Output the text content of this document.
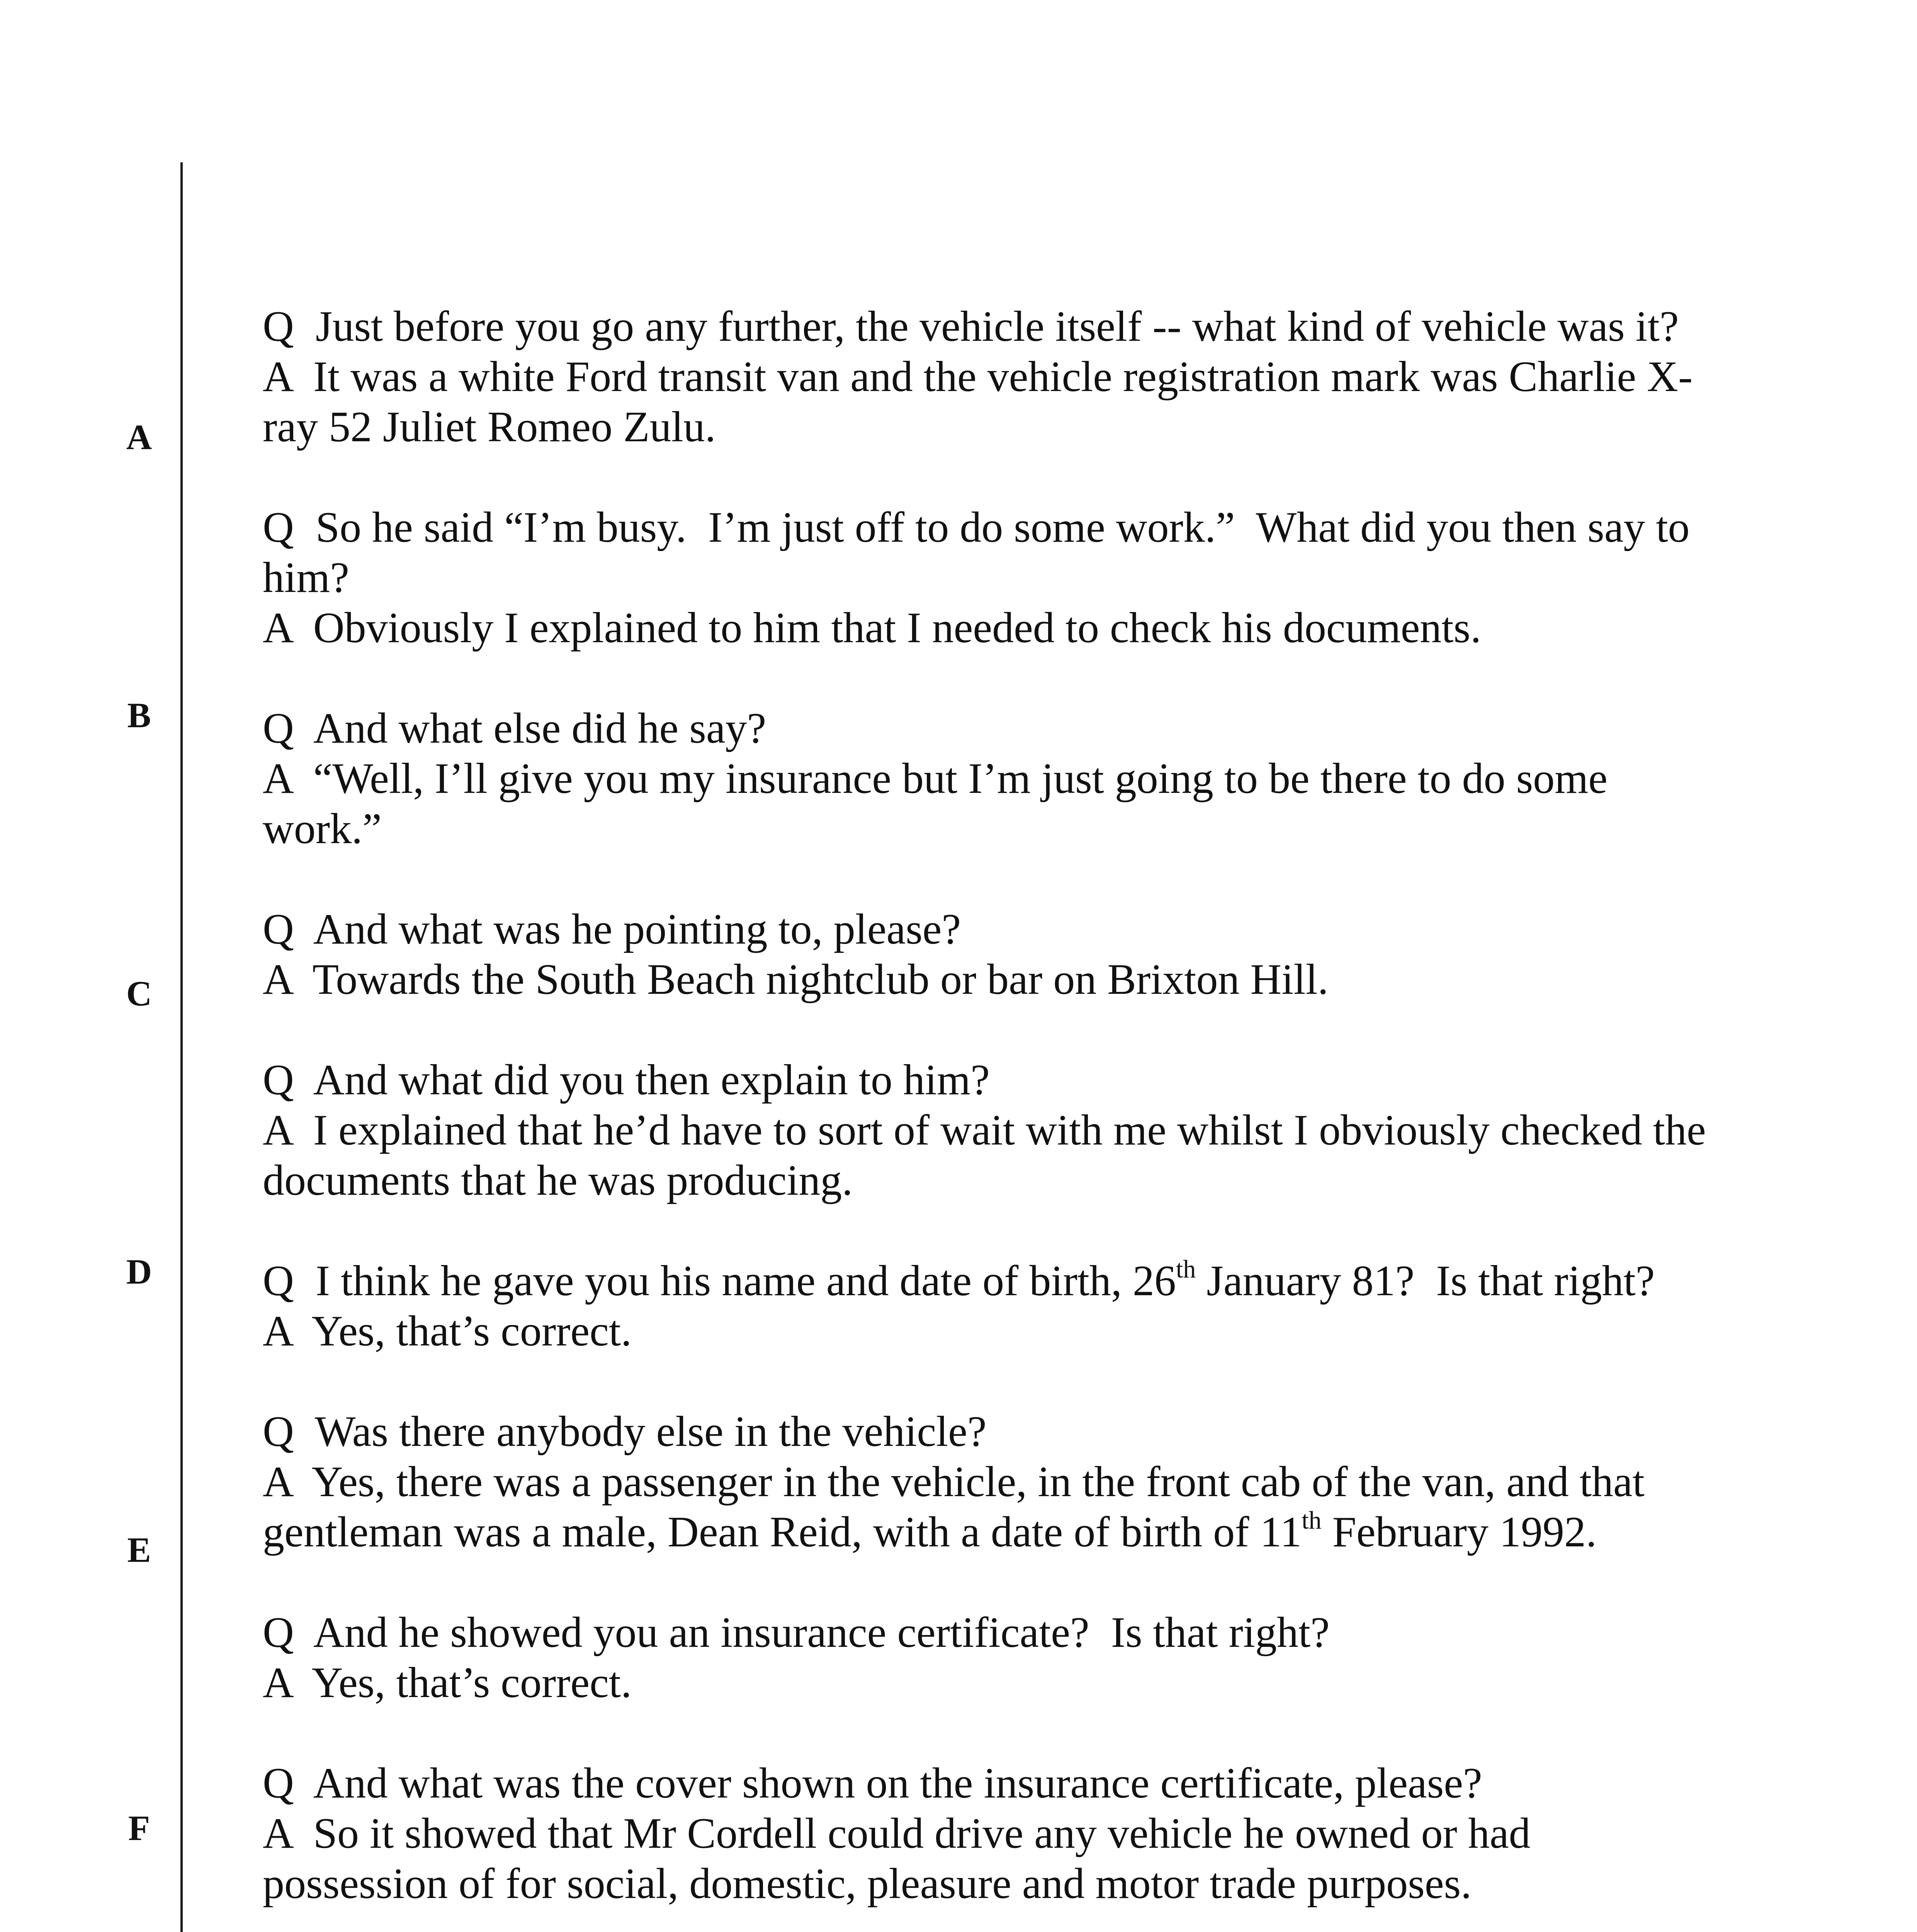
A
B
C
D
E
F

Q  Just before you go any further, the vehicle itself -- what kind of vehicle was it?
A  It was a white Ford transit van and the vehicle registration mark was Charlie X-
ray 52 Juliet Romeo Zulu.

Q  So he said “I’m busy.  I’m just off to do some work.”  What did you then say to
him?
A  Obviously I explained to him that I needed to check his documents.

Q  And what else did he say?
A  “Well, I’ll give you my insurance but I’m just going to be there to do some
work.”

Q  And what was he pointing to, please?
A  Towards the South Beach nightclub or bar on Brixton Hill.

Q  And what did you then explain to him?
A  I explained that he’d have to sort of wait with me whilst I obviously checked the
documents that he was producing.

Q  I think he gave you his name and date of birth, 26th January 81?  Is that right?
A  Yes, that’s correct.

Q  Was there anybody else in the vehicle?
A  Yes, there was a passenger in the vehicle, in the front cab of the van, and that
gentleman was a male, Dean Reid, with a date of birth of 11th February 1992.

Q  And he showed you an insurance certificate?  Is that right?
A  Yes, that’s correct.

Q  And what was the cover shown on the insurance certificate, please?
A  So it showed that Mr Cordell could drive any vehicle he owned or had
possession of for social, domestic, pleasure and motor trade purposes.
